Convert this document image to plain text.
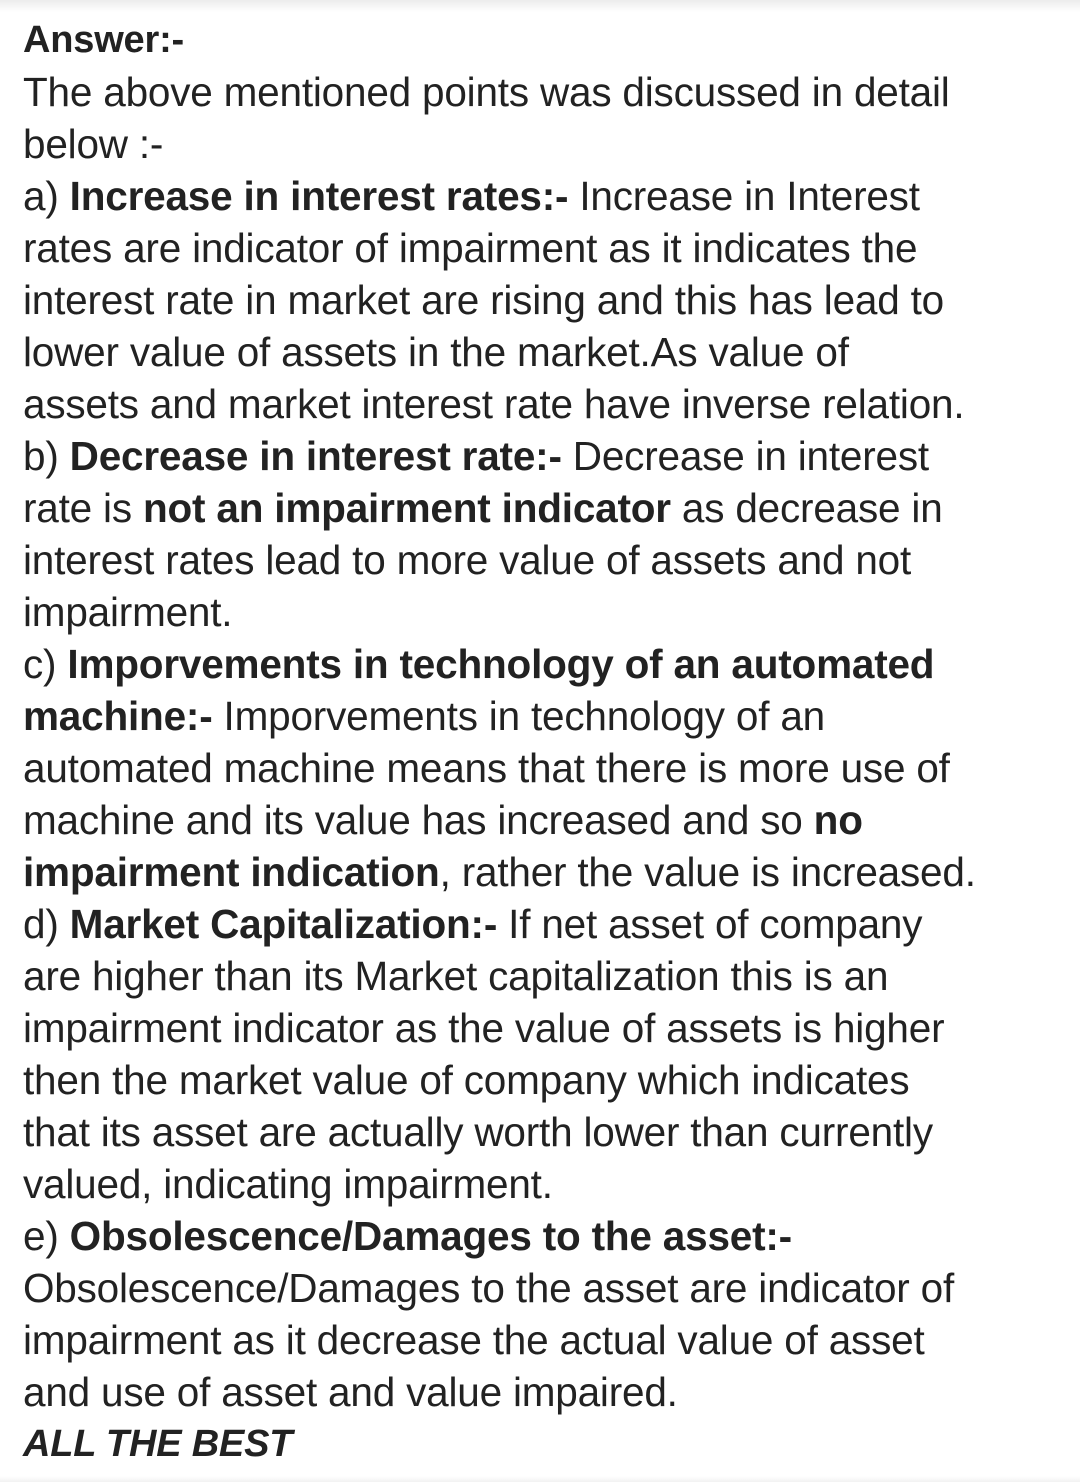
Answer:-
The above mentioned points was discussed in detail
below :-
a) Increase in interest rates:- Increase in Interest
rates are indicator of impairment as it indicates the
interest rate in market are rising and this has lead to
lower value of assets in the market.As value of
assets and market interest rate have inverse relation.
b) Decrease in interest rate:- Decrease in interest
rate is not an impairment indicator as decrease in
interest rates lead to more value of assets and not
impairment.
c) Imporvements in technology of an automated
machine:- Imporvements in technology of an
automated machine means that there is more use of
machine and its value has increased and so no
impairment indication, rather the value is increased.
d) Market Capitalization:- If net asset of company
are higher than its Market capitalization this is an
impairment indicator as the value of assets is higher
then the market value of company which indicates
that its asset are actually worth lower than currently
valued, indicating impairment.
e) Obsolescence/Damages to the asset:-
Obsolescence/Damages to the asset are indicator of
impairment as it decrease the actual value of asset
and use of asset and value impaired.
ALL THE BEST
